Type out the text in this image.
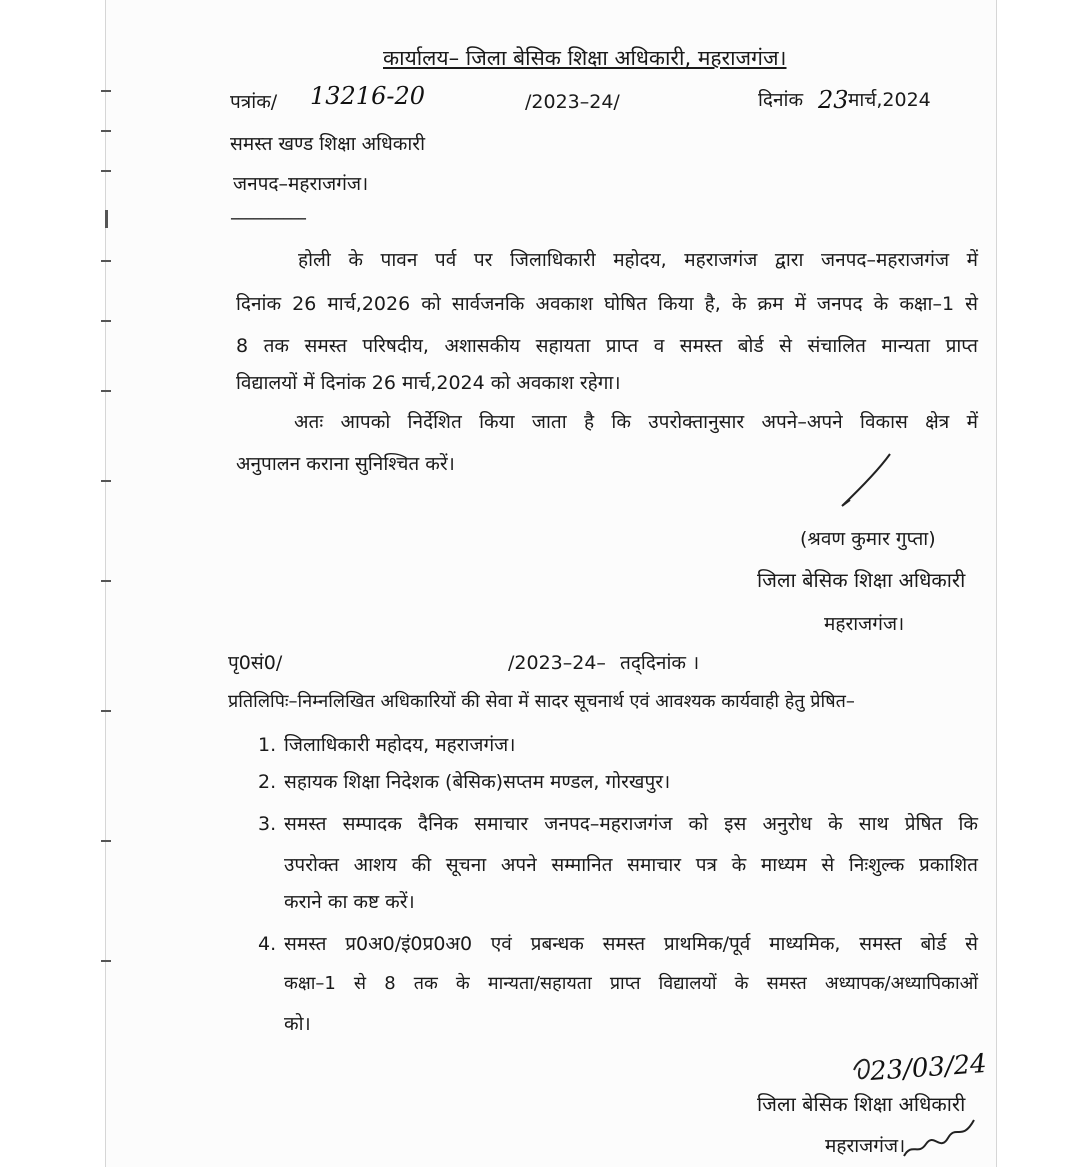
कार्यालय– जिला बेसिक शिक्षा अधिकारी, महराजगंज।
पत्रांक/ 13216-20	/2023–24/	दिनांक 23 मार्च,2024
समस्त खण्ड शिक्षा अधिकारी
जनपद–महराजगंज।
––––––––––
होली के पावन पर्व पर जिलाधिकारी महोदय, महराजगंज द्वारा जनपद–महराजगंज में
दिनांक 26 मार्च,2026 को सार्वजनकि अवकाश घोषित किया है, के क्रम में जनपद के कक्षा–1 से
8 तक समस्त परिषदीय, अशासकीय सहायता प्राप्त व समस्त बोर्ड से संचालित मान्यता प्राप्त
विद्यालयों में दिनांक 26 मार्च,2024 को अवकाश रहेगा।
अतः आपको निर्देशित किया जाता है कि उपरोक्तानुसार अपने–अपने विकास क्षेत्र में
अनुपालन कराना सुनिश्चित करें।
(श्रवण कुमार गुप्ता)
जिला बेसिक शिक्षा अधिकारी
महराजगंज।
पृ0सं0/	/2023–24– तद्‌दिनांक ।
प्रतिलिपिः–निम्नलिखित अधिकारियों की सेवा में सादर सूचनार्थ एवं आवश्यक कार्यवाही हेतु प्रेषित–
1. जिलाधिकारी महोदय, महराजगंज।
2. सहायक शिक्षा निदेशक (बेसिक)सप्तम मण्डल, गोरखपुर।
3. समस्त सम्पादक दैनिक समाचार जनपद–महराजगंज को इस अनुरोध के साथ प्रेषित कि
उपरोक्त आशय की सूचना अपने सम्मानित समाचार पत्र के माध्यम से निःशुल्क प्रकाशित
कराने का कष्ट करें।
4. समस्त प्र0अ0/इं0प्र0अ0 एवं प्रबन्धक समस्त प्राथमिक/पूर्व माध्यमिक, समस्त बोर्ड से
कक्षा–1 से 8 तक के मान्यता/सहायता प्राप्त विद्यालयों के समस्त अध्यापक/अध्यापिकाओं
को।
23/03/24
जिला बेसिक शिक्षा अधिकारी
महराजगंज।
